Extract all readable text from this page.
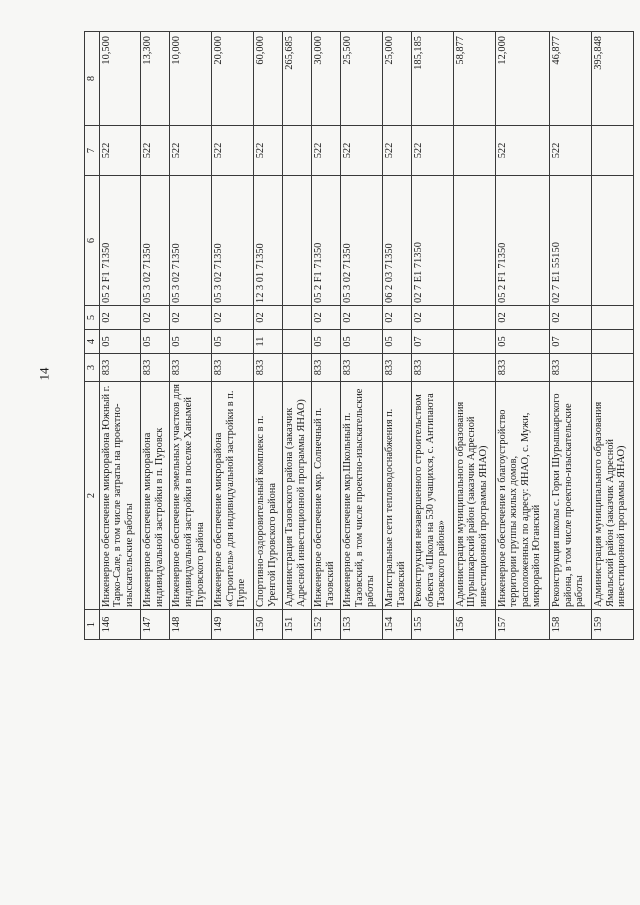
14
1	2	3	4	5	6	7	8
146	Инженерное обеспечение микрорайона Южный г. Тарко-Сале, в том числе затраты на проектно-изыскательские работы	833	05	02	05 2 F1 71350	522	10,500
147	Инженерное обеспечение микрорайона индивидуальной застройки в п. Пуровск	833	05	02	05 3 02 71350	522	13,300
148	Инженерное обеспечение земельных участков для индивидуальной застройки в поселке Ханымей Пуровского района	833	05	02	05 3 02 71350	522	10,000
149	Инженерное обеспечение микрорайона «Строитель» для индивидуальной застройки в п. Пурпе	833	05	02	05 3 02 71350	522	20,000
150	Спортивно-оздоровительный комплекс в п. Уренгой Пуровского района	833	11	02	12 3 01 71350	522	60,000
151	Администрация Тазовского района (заказчик Адресной инвестиционной программы ЯНАО)						265,685
152	Инженерное обеспечение мкр. Солнечный п. Тазовский	833	05	02	05 2 F1 71350	522	30,000
153	Инженерное обеспечение мкр.Школьный п. Тазовский, в том числе проектно-изыскательские работы	833	05	02	05 3 02 71350	522	25,500
154	Магистральные сети тепловодоснабжения п. Тазовский	833	05	02	06 2 03 71350	522	25,000
155	Реконструкция незавершенного строительством объекта «Школа на 530 учащихся, с. Антипаюта Тазовского района»	833	07	02	02 7 E1 71350	522	185,185
156	Администрация муниципального образования Шурышкарский район (заказчик Адресной инвестиционной программы ЯНАО)						58,877
157	Инженерное обеспечение и благоустройство территории группы жилых домов, расположенных по адресу: ЯНАО, с. Мужи, микрорайон Юганский	833	05	02	05 2 F1 71350	522	12,000
158	Реконструкция школы с. Горки Шурышкарского района, в том числе проектно-изыскательские работы	833	07	02	02 7 E1 55150	522	46,877
159	Администрация муниципального образования Ямальский район (заказчик Адресной инвестиционной программы ЯНАО)						395,848
